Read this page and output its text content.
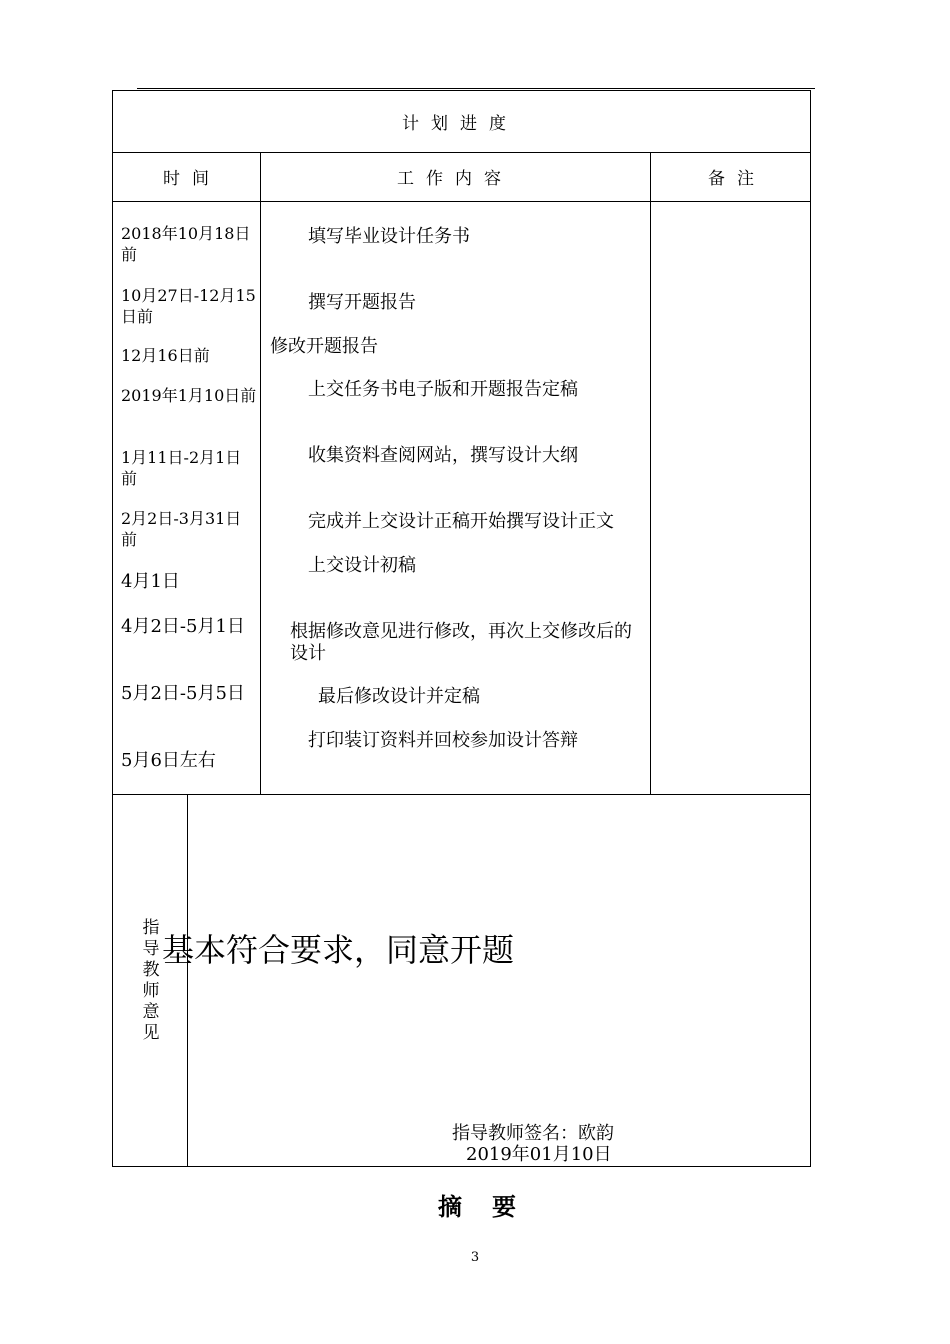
计划进度
时间	工作内容	备注
2018年10月18日前
10月27日-12月15日前
12月16日前
2019年1月10日前
1月11日-2月1日前
2月2日-3月31日前
4月1日
4月2日-5月1日
5月2日-5月5日
5月6日左右
填写毕业设计任务书
撰写开题报告
修改开题报告
上交任务书电子版和开题报告定稿
收集资料查阅网站，撰写设计大纲
完成并上交设计正稿开始撰写设计正文
上交设计初稿
根据修改意见进行修改，再次上交修改后的设计
最后修改设计并定稿
打印装订资料并回校参加设计答辩
指导教师意见
基本符合要求，同意开题
指导教师签名：欧韵
2019年01月10日
摘要
3
